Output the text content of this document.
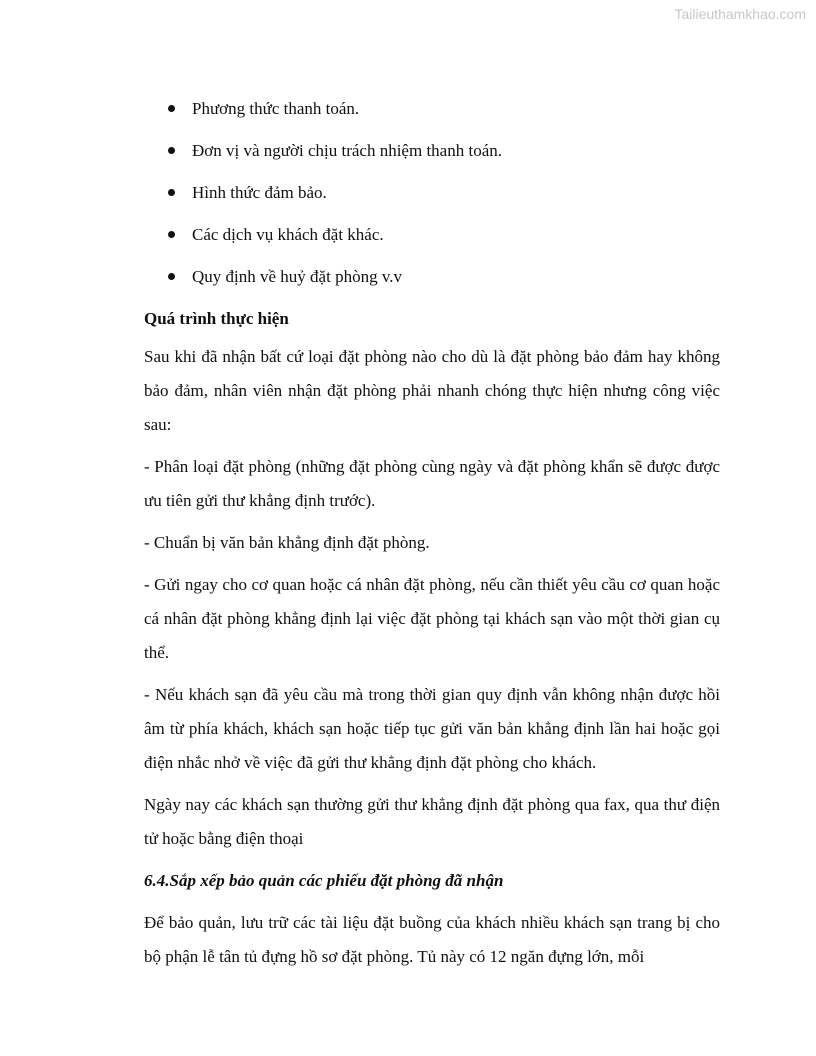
Tailieuthamkhao.com
Phương thức thanh toán.
Đơn vị và người chịu trách nhiệm thanh toán.
Hình thức đảm bảo.
Các dịch vụ khách đặt khác.
Quy định về huỷ đặt phòng v.v

Quá trình thực hiện

Sau khi đã nhận bất cứ loại đặt phòng nào cho dù là đặt phòng bảo đảm hay không bảo đảm, nhân viên nhận đặt phòng phải nhanh chóng thực hiện nhưng công việc sau:

- Phân loại đặt phòng (những đặt phòng cùng ngày và đặt phòng khẩn sẽ được được ưu tiên gửi thư khẳng định trước).

- Chuẩn bị văn bản khẳng định đặt phòng.

- Gửi ngay cho cơ quan hoặc cá nhân đặt phòng, nếu cần thiết yêu cầu cơ quan hoặc cá nhân đặt phòng khẳng định lại việc đặt phòng tại khách sạn vào một thời gian cụ thể.

- Nếu khách sạn đã yêu cầu mà trong thời gian quy định vẫn không nhận được hồi âm từ phía khách, khách sạn hoặc tiếp tục gửi văn bản khẳng định lần hai hoặc gọi điện nhắc nhở về việc đã gửi thư khẳng định đặt phòng cho khách.

Ngày nay các khách sạn thường gửi thư khẳng định đặt phòng qua fax, qua thư điện tử hoặc bằng điện thoại

6.4.Sắp xếp bảo quản các phiếu đặt phòng đã nhận

Để bảo quản, lưu trữ các tài liệu đặt buồng của khách nhiều khách sạn trang bị cho bộ phận lễ tân tủ đựng hồ sơ đặt phòng. Tủ này có 12 ngăn đựng lớn, mỗi
